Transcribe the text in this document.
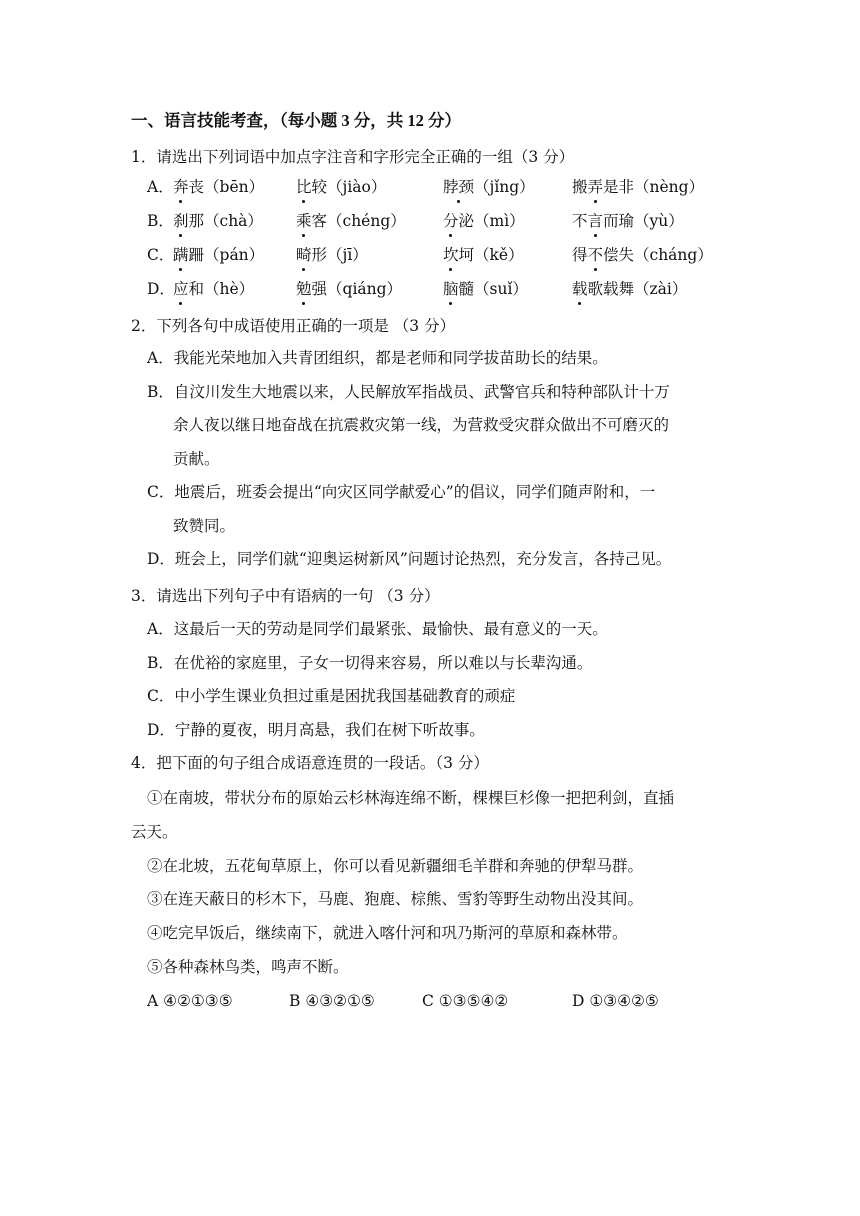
一、语言技能考查，（每小题 3 分，共 12 分）
1．请选出下列词语中加点字注音和字形完全正确的一组（3 分）
A． 奔丧（bēn） 比较（jiào）	脖颈（jǐng） 搬弄是非（nèng）
B． 刹那（chà） 乘客（chéng） 分泌（mì）	不言而瑜（yù）
C．
蹒跚（pán） 畸形（jī）	坎坷（kě）	得不偿失（cháng）
D．
应和（hè）	勉强（qiáng）	脑髓（suǐ）	载歌载舞（zài）
2．下列各句中成语使用正确的一项是 （3 分）
A．我能光荣地加入共青团组织，都是老师和同学拔苗助长的结果。
B．自汶川发生大地震以来，人民解放军指战员、武警官兵和特种部队计十万
余人夜以继日地奋战在抗震救灾第一线，为营救受灾群众做出不可磨灭的
贡献。
C．地震后，班委会提出“向灾区同学献爱心”的倡议，同学们随声附和，一
致赞同。
D．班会上，同学们就“迎奥运树新风”问题讨论热烈，充分发言，各持己见。
3．请选出下列句子中有语病的一句 （3 分）
A．这最后一天的劳动是同学们最紧张、最愉快、最有意义的一天。
B．在优裕的家庭里，子女一切得来容易，所以难以与长辈沟通。
C．中小学生课业负担过重是困扰我国基础教育的顽症
D．宁静的夏夜，明月高悬，我们在树下听故事。
4．把下面的句子组合成语意连贯的一段话。（3 分）
①在南坡，带状分布的原始云杉林海连绵不断，棵棵巨杉像一把把利剑，直插
云天。
②在北坡，五花甸草原上，你可以看见新疆细毛羊群和奔驰的伊犁马群。
③在连天蔽日的杉木下，马鹿、狍鹿、棕熊、雪豹等野生动物出没其间。
④吃完早饭后，继续南下，就进入喀什河和巩乃斯河的草原和森林带。
⑤各种森林鸟类，鸣声不断。
A ④②①③⑤	B ④③②①⑤	C ①③⑤④②	D ①③④②⑤
